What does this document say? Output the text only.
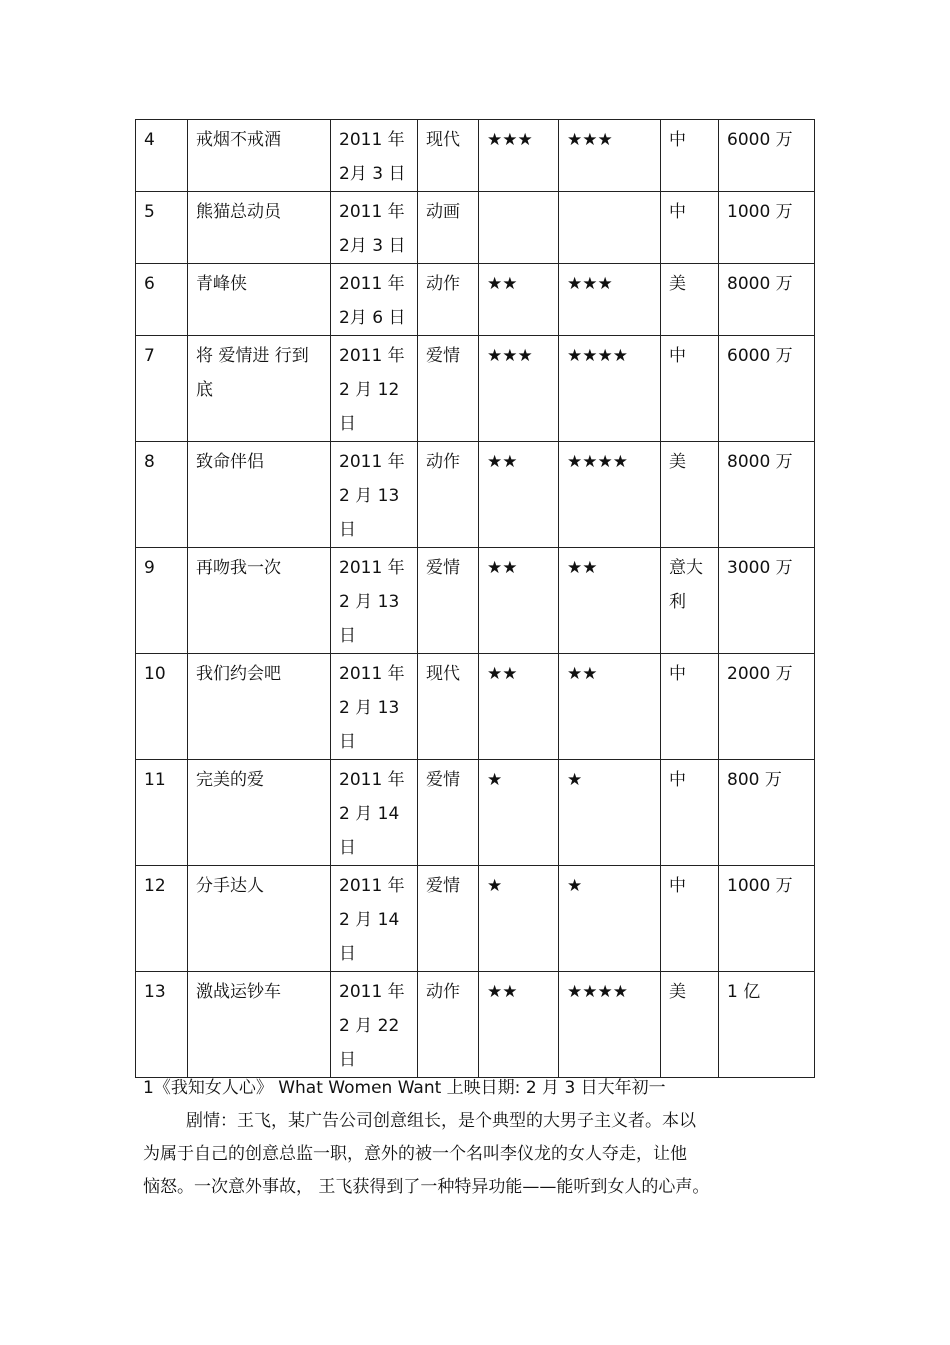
4	戒烟不戒酒	2011 年 2月 3 日	现代	★★★	★★★	中	6000 万
5	熊猫总动员	2011 年 2月 3 日	动画			中	1000 万
6	青峰侠	2011 年 2月 6 日	动作	★★	★★★	美	8000 万
7	将 爱情进 行到 底	2011 年 2 月 12 日	爱情	★★★	★★★★	中	6000 万
8	致命伴侣	2011 年 2 月 13 日	动作	★★	★★★★	美	8000 万
9	再吻我一次	2011 年 2 月 13 日	爱情	★★	★★	意大利	3000 万
10	我们约会吧	2011 年 2 月 13 日	现代	★★	★★	中	2000 万
11	完美的爱	2011 年 2 月 14 日	爱情	★	★	中	800 万
12	分手达人	2011 年 2 月 14 日	爱情	★	★	中	1000 万
13	激战运钞车	2011 年 2 月 22 日	动作	★★	★★★★	美	1 亿

1《我知女人心》 What Women Want 上映日期: 2 月 3 日大年初一

剧情：王飞，某广告公司创意组长，是个典型的大男子主义者。本以

为属于自己的创意总监一职，意外的被一个名叫李仪龙的女人夺走，让他

恼怒。一次意外事故， 王飞获得到了一种特异功能——能听到女人的心声。
